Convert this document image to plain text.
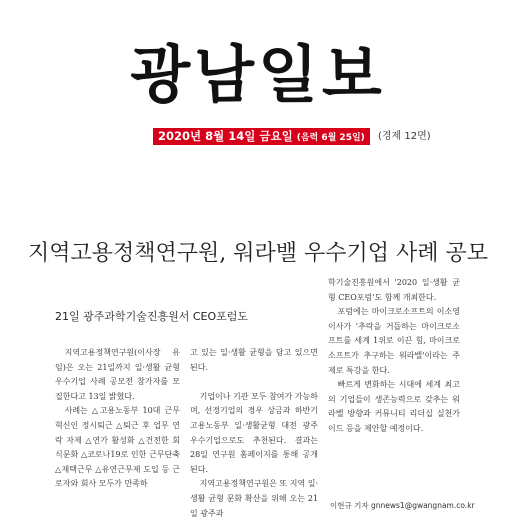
광남일보
2020년 8월 14일 금요일 (음력 6월 25일)	(경제 12면)
지역고용정책연구원, 워라밸 우수기업 사례 공모
21일 광주과학기술진흥원서 CEO포럼도

지역고용정책연구원(이사장 유임)은 오는 21일까지 일·생활 균형 우수기업 사례 공모전 참가자를 모집한다고 13일 밝혔다.

사례는 △고용노동부 10대 근무혁신인 정시퇴근 △퇴근 후 업무 연락 자제 △연가 활성화 △건전한 회식문화 △코로나19로 인한 근무단축 △재택근무 △유연근무제 도입 등 근로자와 회사 모두가 만족하

고 있는 일·생활 균형을 담고 있으면 된다.

기업이나 기관 모두 참여가 가능하며, 선정기업의 경우 상금과 하반기 고용노동부 일·생활균형 대전 광주 우수기업으로도 추천된다. 결과는 28일 연구원 홈페이지를 통해 공개된다.

지역고용정책연구원은 또 지역 일·생활 균형 문화 확산을 위해 오는 21일 광주과

학기술진흥원에서 '2020 일·생활 균형 CEO포럼'도 함께 개최한다.

포럼에는 마이크로소프트의 이소영 이사가 '추락을 거듭하는 마이크로소프트를 세계 1위로 이끈 힘, 마이크로소프트가 추구하는 워라밸'이라는 주제로 특강을 한다.

빠르게 변화하는 시대에 세계 최고의 기업들이 생존능력으로 갖추는 워라밸 방향과 커뮤니티 리더십 실천가이드 등을 제안할 예정이다.

이현규 기자 gnnews1@gwangnam.co.kr
